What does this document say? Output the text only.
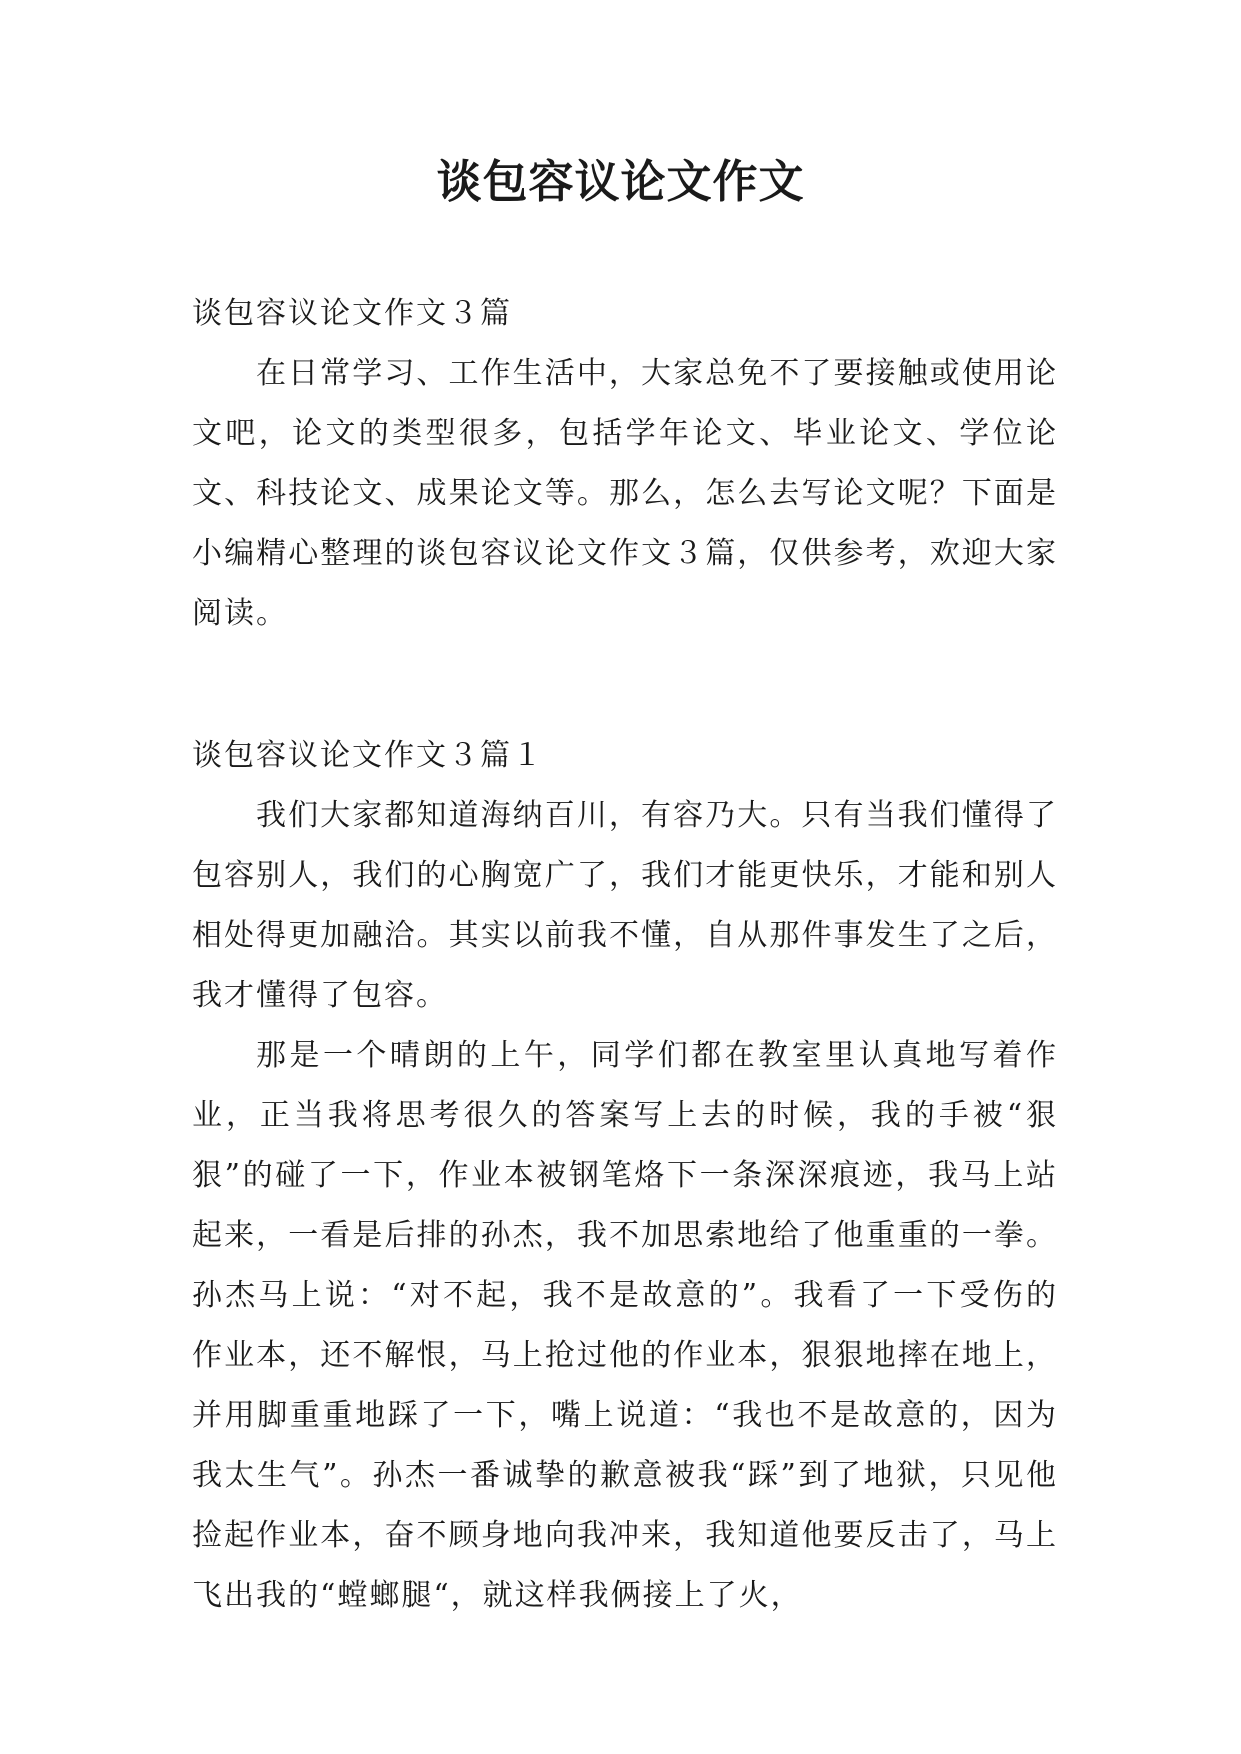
谈包容议论文作文

谈包容议论文作文３篇

在日常学习、工作生活中，大家总免不了要接触或使用论文吧，论文的类型很多，包括学年论文、毕业论文、学位论文、科技论文、成果论文等。那么，怎么去写论文呢？下面是小编精心整理的谈包容议论文作文３篇，仅供参考，欢迎大家阅读。

谈包容议论文作文３篇１

我们大家都知道海纳百川，有容乃大。只有当我们懂得了包容别人，我们的心胸宽广了，我们才能更快乐，才能和别人相处得更加融洽。其实以前我不懂，自从那件事发生了之后，我才懂得了包容。

那是一个晴朗的上午，同学们都在教室里认真地写着作业，正当我将思考很久的答案写上去的时候，我的手被“狠狠”的碰了一下，作业本被钢笔烙下一条深深痕迹，我马上站起来，一看是后排的孙杰，我不加思索地给了他重重的一拳。孙杰马上说：“对不起，我不是故意的”。我看了一下受伤的作业本，还不解恨，马上抢过他的作业本，狠狠地摔在地上，并用脚重重地踩了一下，嘴上说道：“我也不是故意的，因为我太生气”。孙杰一番诚挚的歉意被我“踩”到了地狱，只见他捡起作业本，奋不顾身地向我冲来，我知道他要反击了，马上飞出我的“螳螂腿“，就这样我俩接上了火，
